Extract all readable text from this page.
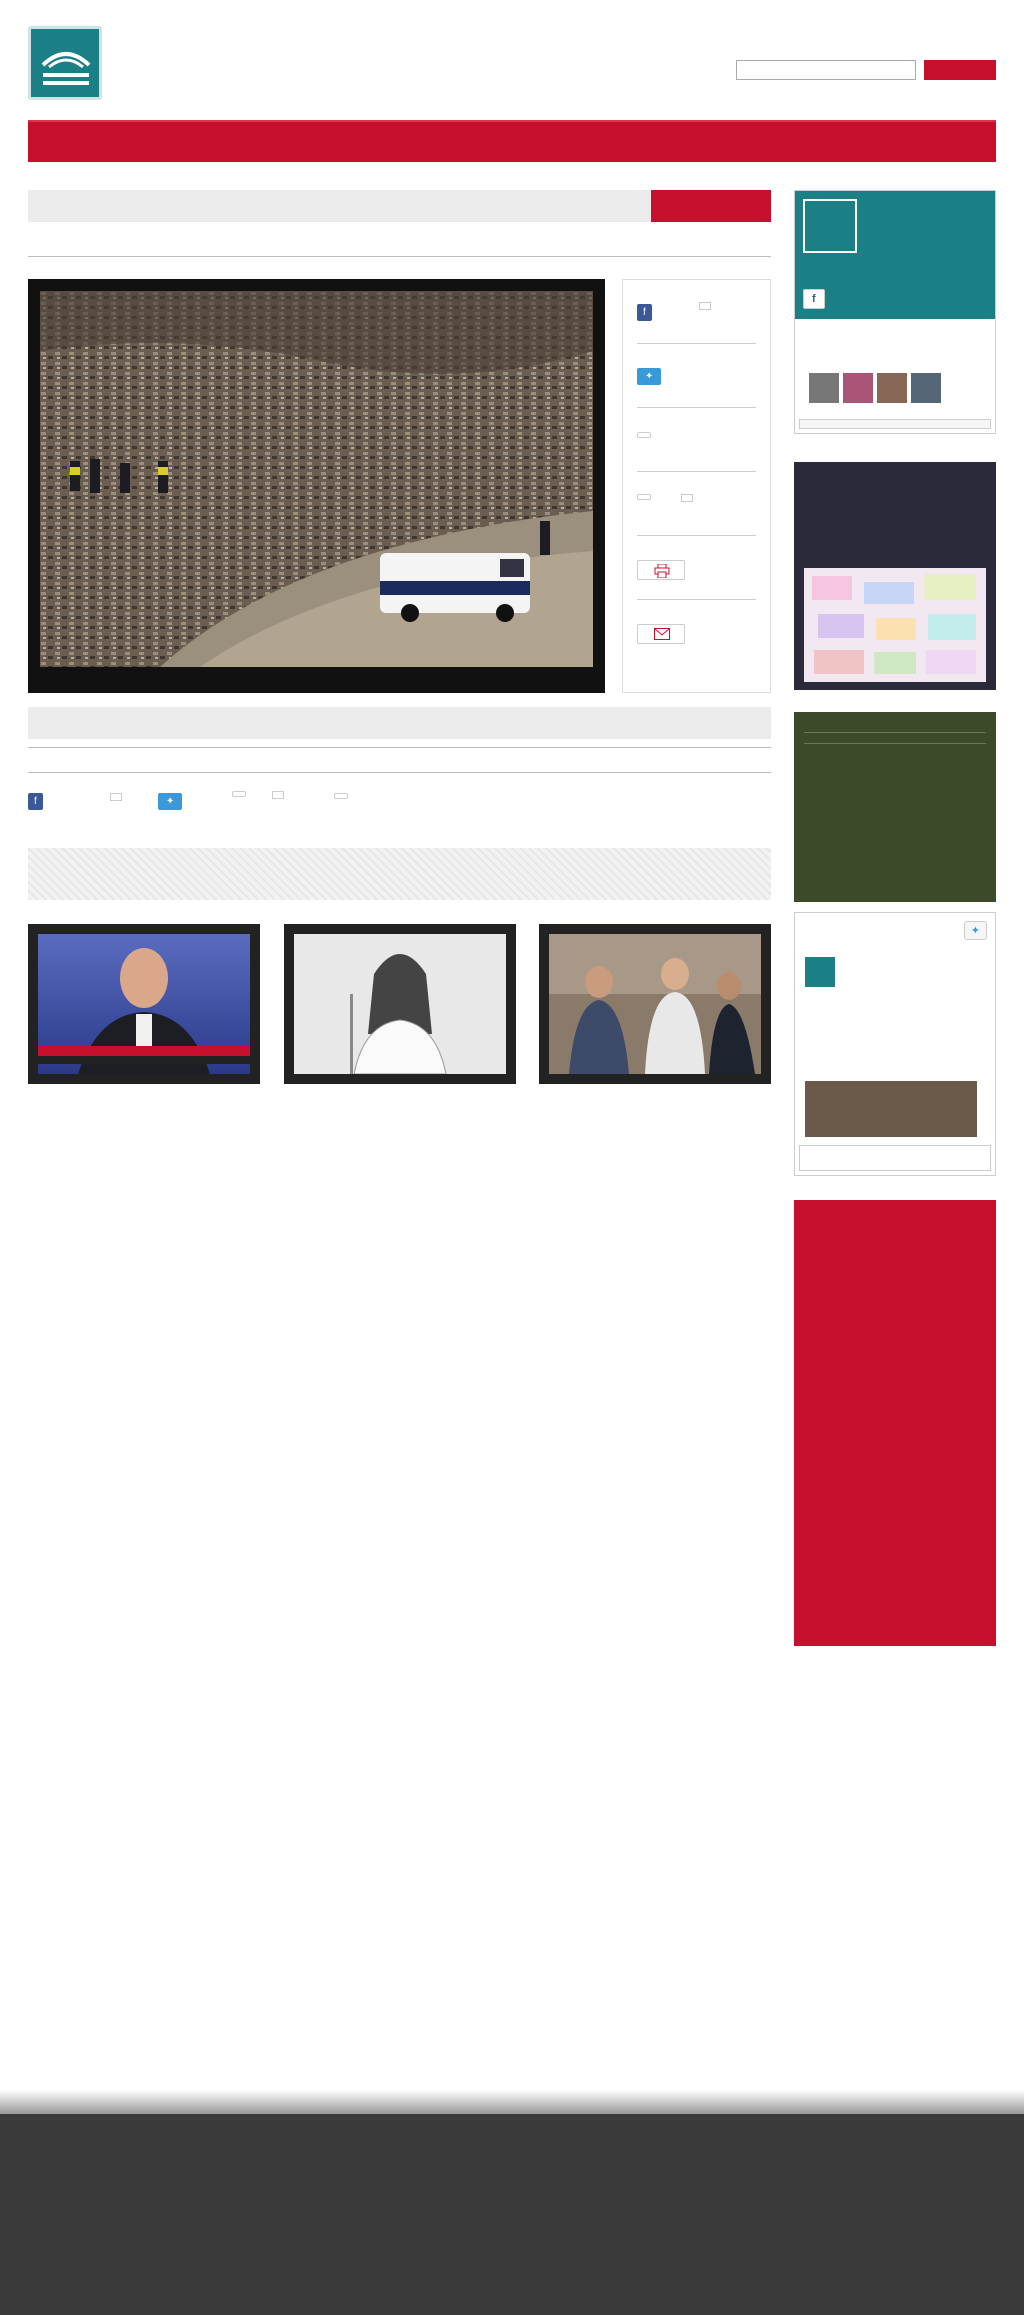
f
✦
f	✦
f
✦
